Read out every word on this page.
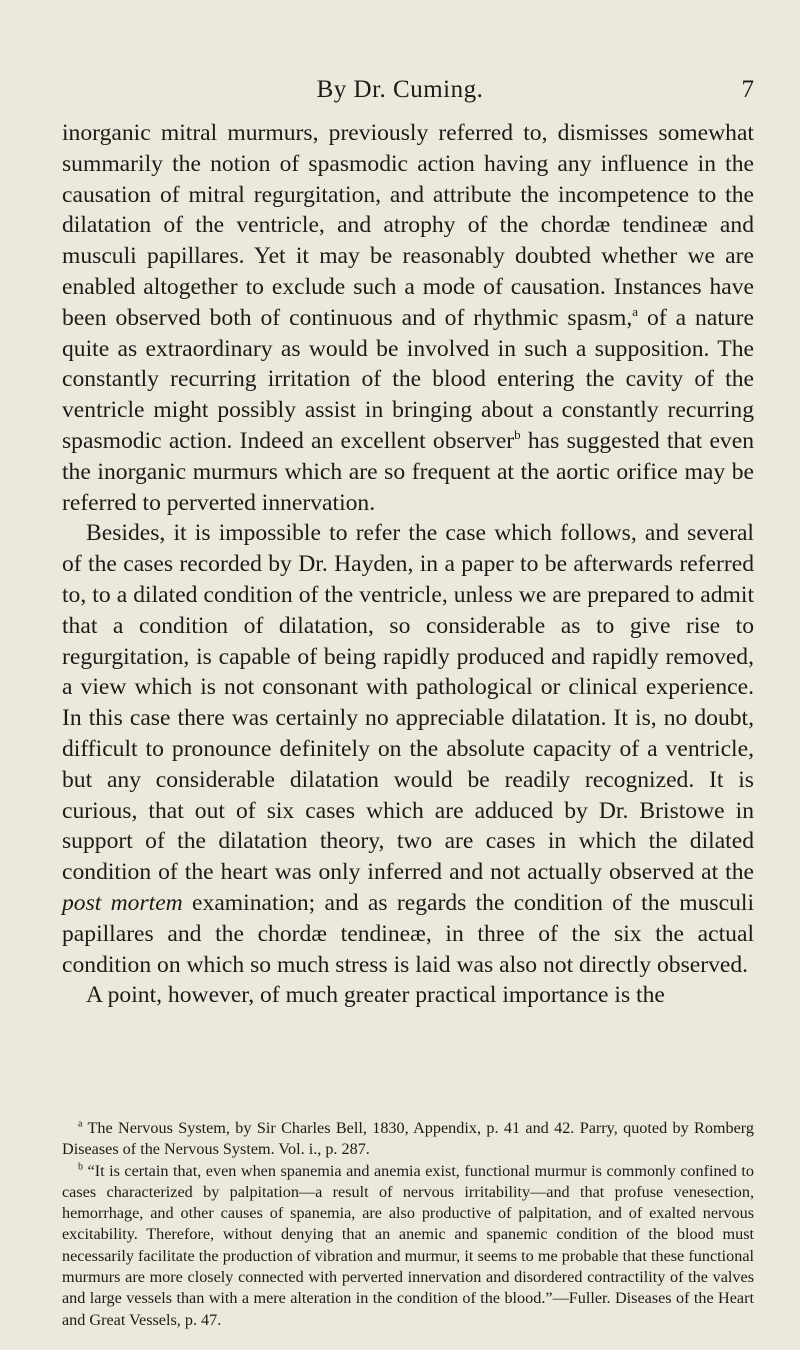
By Dr. Cuming.	7

inorganic mitral murmurs, previously referred to, dismisses somewhat summarily the notion of spasmodic action having any influence in the causation of mitral regurgitation, and attribute the incompetence to the dilatation of the ventricle, and atrophy of the chordæ tendineæ and musculi papillares. Yet it may be reasonably doubted whether we are enabled altogether to exclude such a mode of causation. Instances have been observed both of continuous and of rhythmic spasm,$^a$ of a nature quite as extraordinary as would be involved in such a supposition. The constantly recurring irritation of the blood entering the cavity of the ventricle might possibly assist in bringing about a constantly recurring spasmodic action. Indeed an excellent observer$^b$ has suggested that even the inorganic murmurs which are so frequent at the aortic orifice may be referred to perverted innervation.

Besides, it is impossible to refer the case which follows, and several of the cases recorded by Dr. Hayden, in a paper to be afterwards referred to, to a dilated condition of the ventricle, unless we are prepared to admit that a condition of dilatation, so considerable as to give rise to regurgitation, is capable of being rapidly produced and rapidly removed, a view which is not consonant with pathological or clinical experience. In this case there was certainly no appreciable dilatation. It is, no doubt, difficult to pronounce definitely on the absolute capacity of a ventricle, but any considerable dilatation would be readily recognized. It is curious, that out of six cases which are adduced by Dr. Bristowe in support of the dilatation theory, two are cases in which the dilated condition of the heart was only inferred and not actually observed at the post mortem examination; and as regards the condition of the musculi papillares and the chordæ tendineæ, in three of the six the actual condition on which so much stress is laid was also not directly observed.

A point, however, of much greater practical importance is the

$^a$ The Nervous System, by Sir Charles Bell, 1830, Appendix, p. 41 and 42. Parry, quoted by Romberg Diseases of the Nervous System. Vol. i., p. 287.

$^b$ “It is certain that, even when spanemia and anemia exist, functional murmur is commonly confined to cases characterized by palpitation—a result of nervous irritability—and that profuse venesection, hemorrhage, and other causes of spanemia, are also productive of palpitation, and of exalted nervous excitability. Therefore, without denying that an anemic and spanemic condition of the blood must necessarily facilitate the production of vibration and murmur, it seems to me probable that these functional murmurs are more closely connected with perverted innervation and disordered contractility of the valves and large vessels than with a mere alteration in the condition of the blood.”—Fuller. Diseases of the Heart and Great Vessels, p. 47.
